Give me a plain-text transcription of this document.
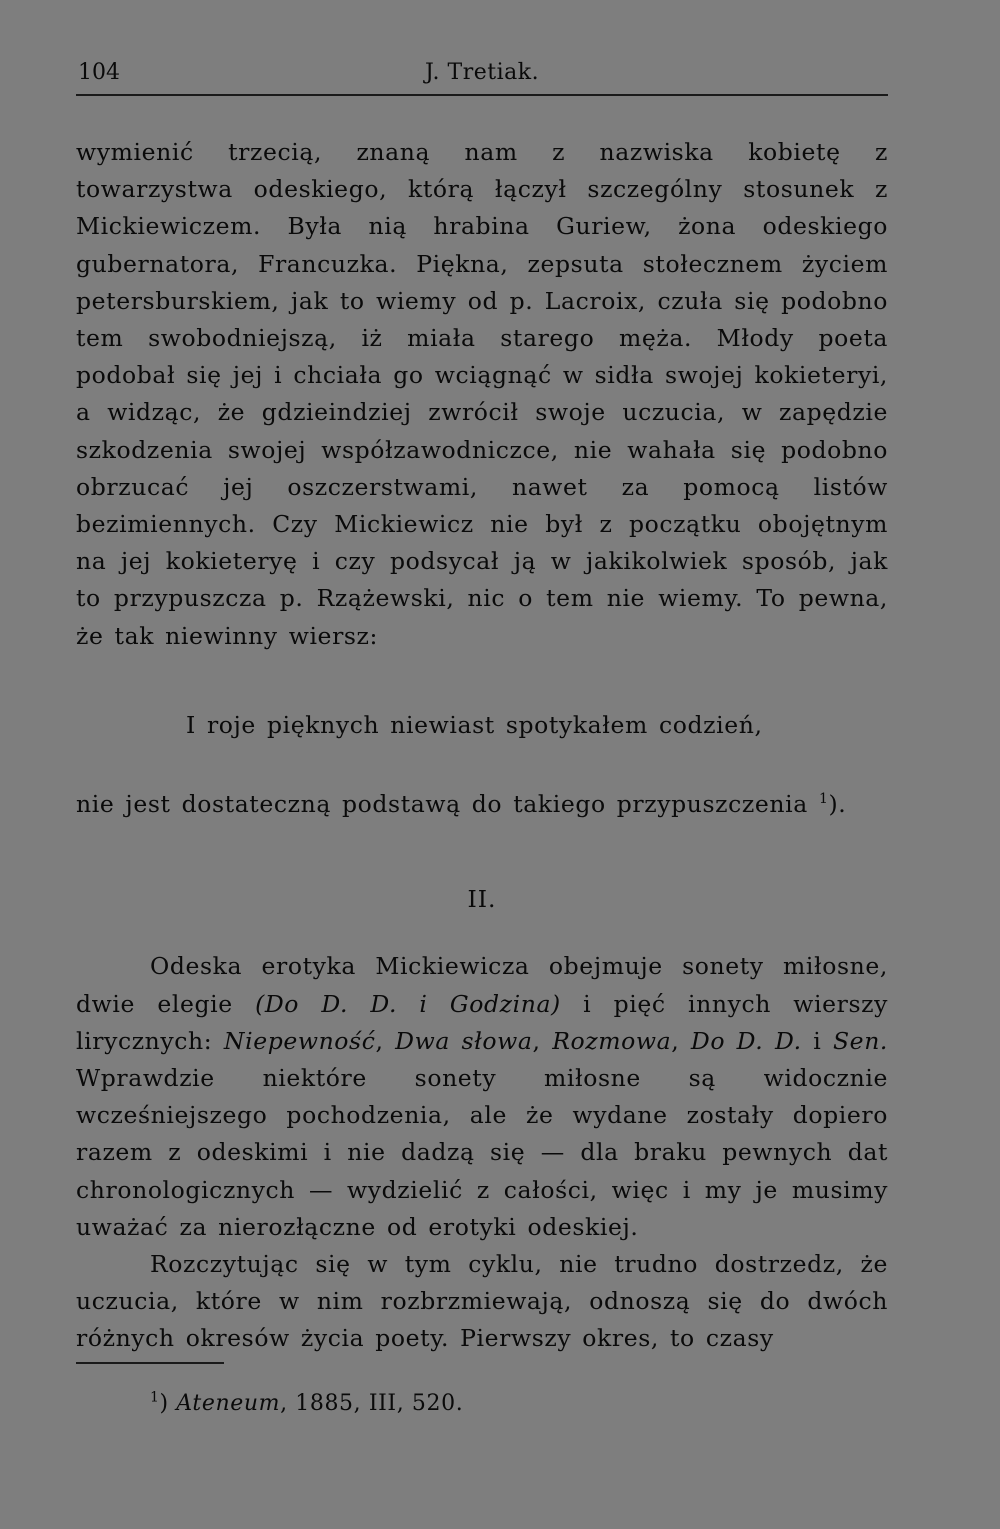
104	J. Tretiak.

wymienić trzecią, znaną nam z nazwiska kobietę z towarzystwa odeskiego, którą łączył szczególny stosunek z Mickiewiczem. Była nią hrabina Guriew, żona odeskiego gubernatora, Francuzka. Piękna, zepsuta stołecznem życiem petersburskiem, jak to wiemy od p. Lacroix, czuła się podobno tem swobodniejszą, iż miała starego męża. Młody poeta podobał się jej i chciała go wciągnąć w sidła swojej kokieteryi, a widząc, że gdzieindziej zwrócił swoje uczucia, w zapędzie szkodzenia swojej współzawodniczce, nie wahała się podobno obrzucać jej oszczerstwami, nawet za pomocą listów bezimiennych. Czy Mickiewicz nie był z początku obojętnym na jej kokieteryę i czy podsycał ją w jakikolwiek sposób, jak to przypuszcza p. Rzążewski, nic o tem nie wiemy. To pewna, że tak niewinny wiersz:

I roje pięknych niewiast spotykałem codzień,

nie jest dostateczną podstawą do takiego przypuszczenia $^1$).

II.

Odeska erotyka Mickiewicza obejmuje sonety miłosne, dwie elegie (Do D. D. i Godzina) i pięć innych wierszy lirycznych: Niepewność, Dwa słowa, Rozmowa, Do D. D. i Sen. Wprawdzie niektóre sonety miłosne są widocznie wcześniejszego pochodzenia, ale że wydane zostały dopiero razem z odeskimi i nie dadzą się — dla braku pewnych dat chronologicznych — wydzielić z całości, więc i my je musimy uważać za nierozłączne od erotyki odeskiej.

Rozczytując się w tym cyklu, nie trudno dostrzedz, że uczucia, które w nim rozbrzmiewają, odnoszą się do dwóch różnych okresów życia poety. Pierwszy okres, to czasy

$^1$) Ateneum, 1885, III, 520.
